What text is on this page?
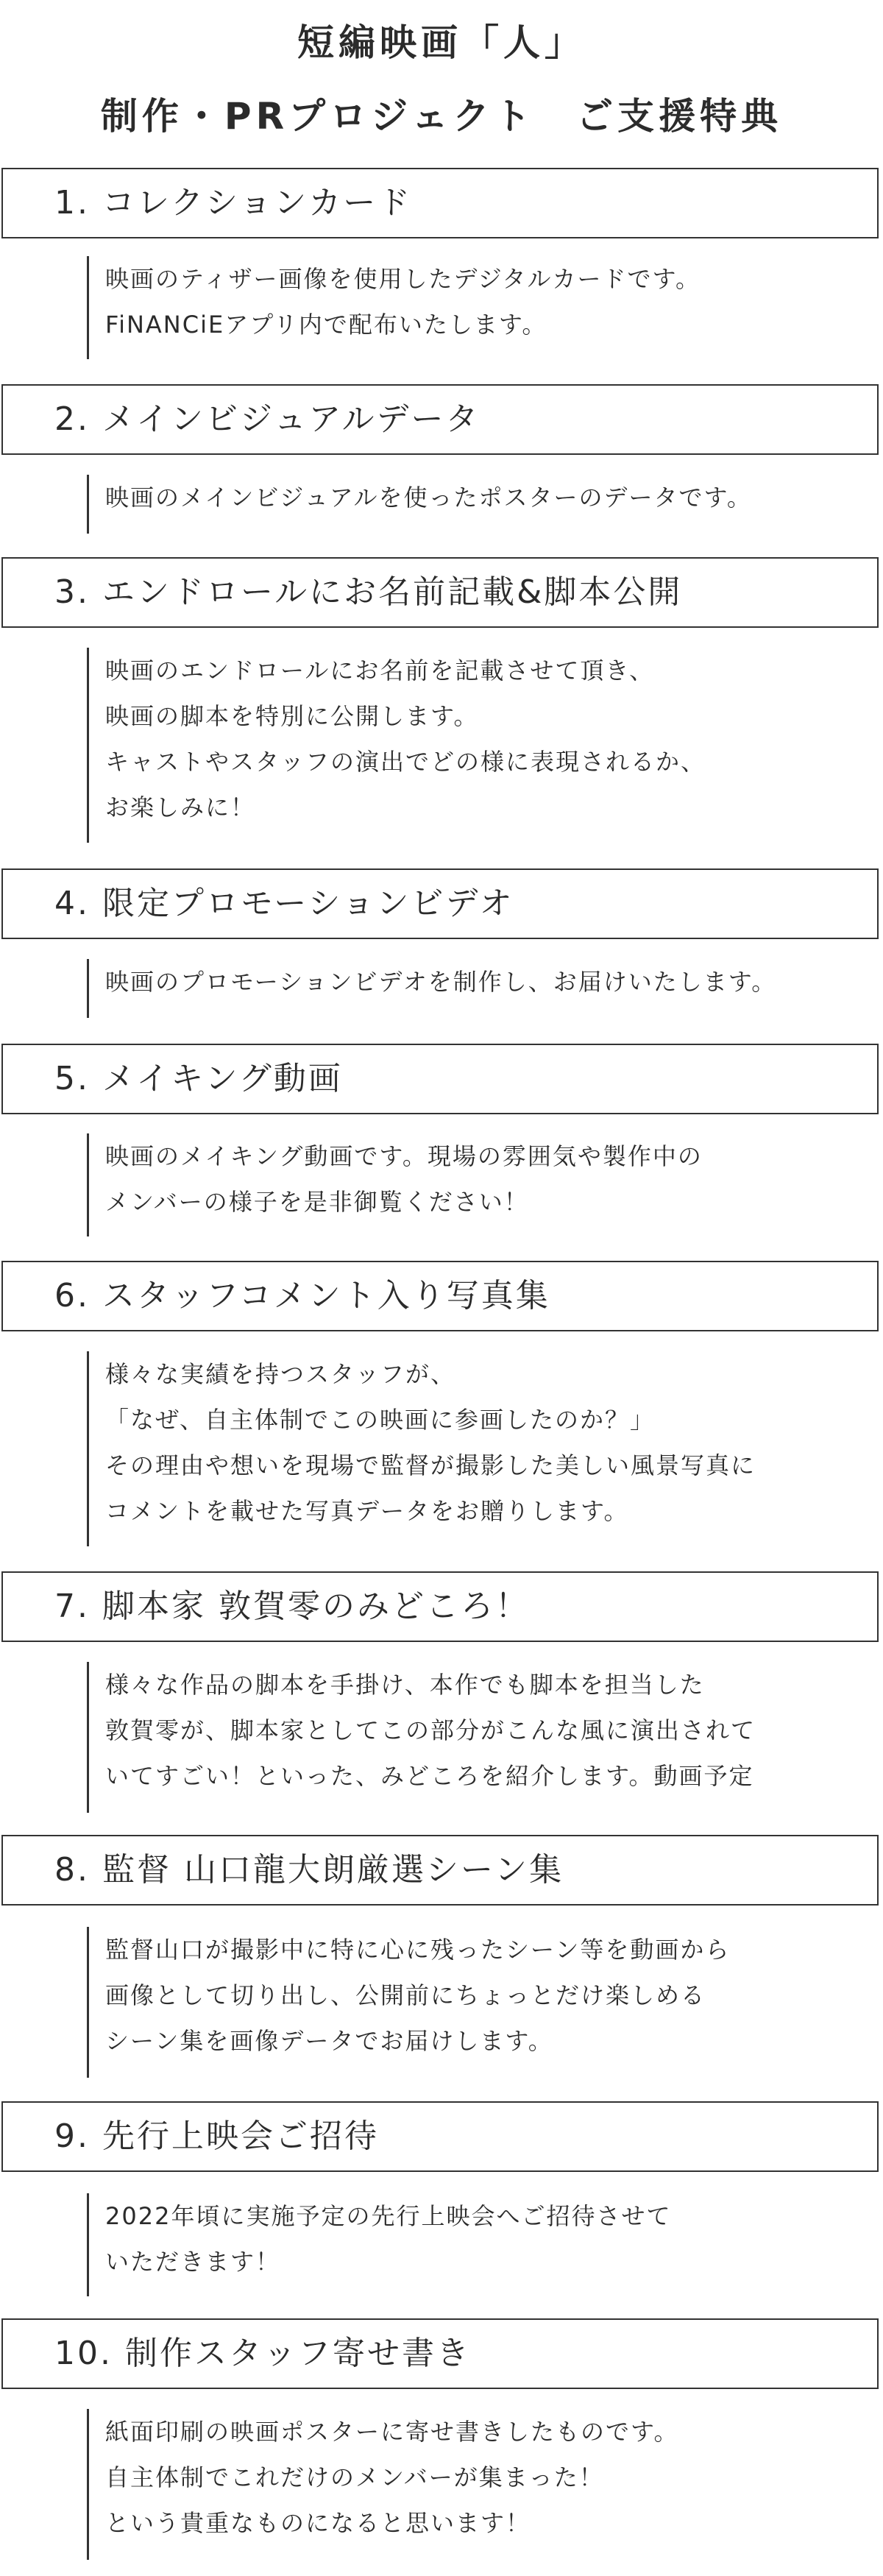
短編映画「人」
制作・PRプロジェクト　ご支援特典
1. コレクションカード
映画のティザー画像を使用したデジタルカードです。
FiNANCiEアプリ内で配布いたします。
2. メインビジュアルデータ
映画のメインビジュアルを使ったポスターのデータです。
3. エンドロールにお名前記載&脚本公開
映画のエンドロールにお名前を記載させて頂き、
映画の脚本を特別に公開します。
キャストやスタッフの演出でどの様に表現されるか、
お楽しみに！
4. 限定プロモーションビデオ
映画のプロモーションビデオを制作し、お届けいたします。
5. メイキング動画
映画のメイキング動画です。現場の雰囲気や製作中の
メンバーの様子を是非御覧ください！
6. スタッフコメント入り写真集
様々な実績を持つスタッフが、
「なぜ、自主体制でこの映画に参画したのか？」
その理由や想いを現場で監督が撮影した美しい風景写真に
コメントを載せた写真データをお贈りします。
7. 脚本家 敦賀零のみどころ！
様々な作品の脚本を手掛け、本作でも脚本を担当した
敦賀零が、脚本家としてこの部分がこんな風に演出されて
いてすごい！といった、みどころを紹介します。動画予定
8. 監督 山口龍大朗厳選シーン集
監督山口が撮影中に特に心に残ったシーン等を動画から
画像として切り出し、公開前にちょっとだけ楽しめる
シーン集を画像データでお届けします。
9. 先行上映会ご招待
2022年頃に実施予定の先行上映会へご招待させて
いただきます！
10. 制作スタッフ寄せ書き
紙面印刷の映画ポスターに寄せ書きしたものです。
自主体制でこれだけのメンバーが集まった！
という貴重なものになると思います！
